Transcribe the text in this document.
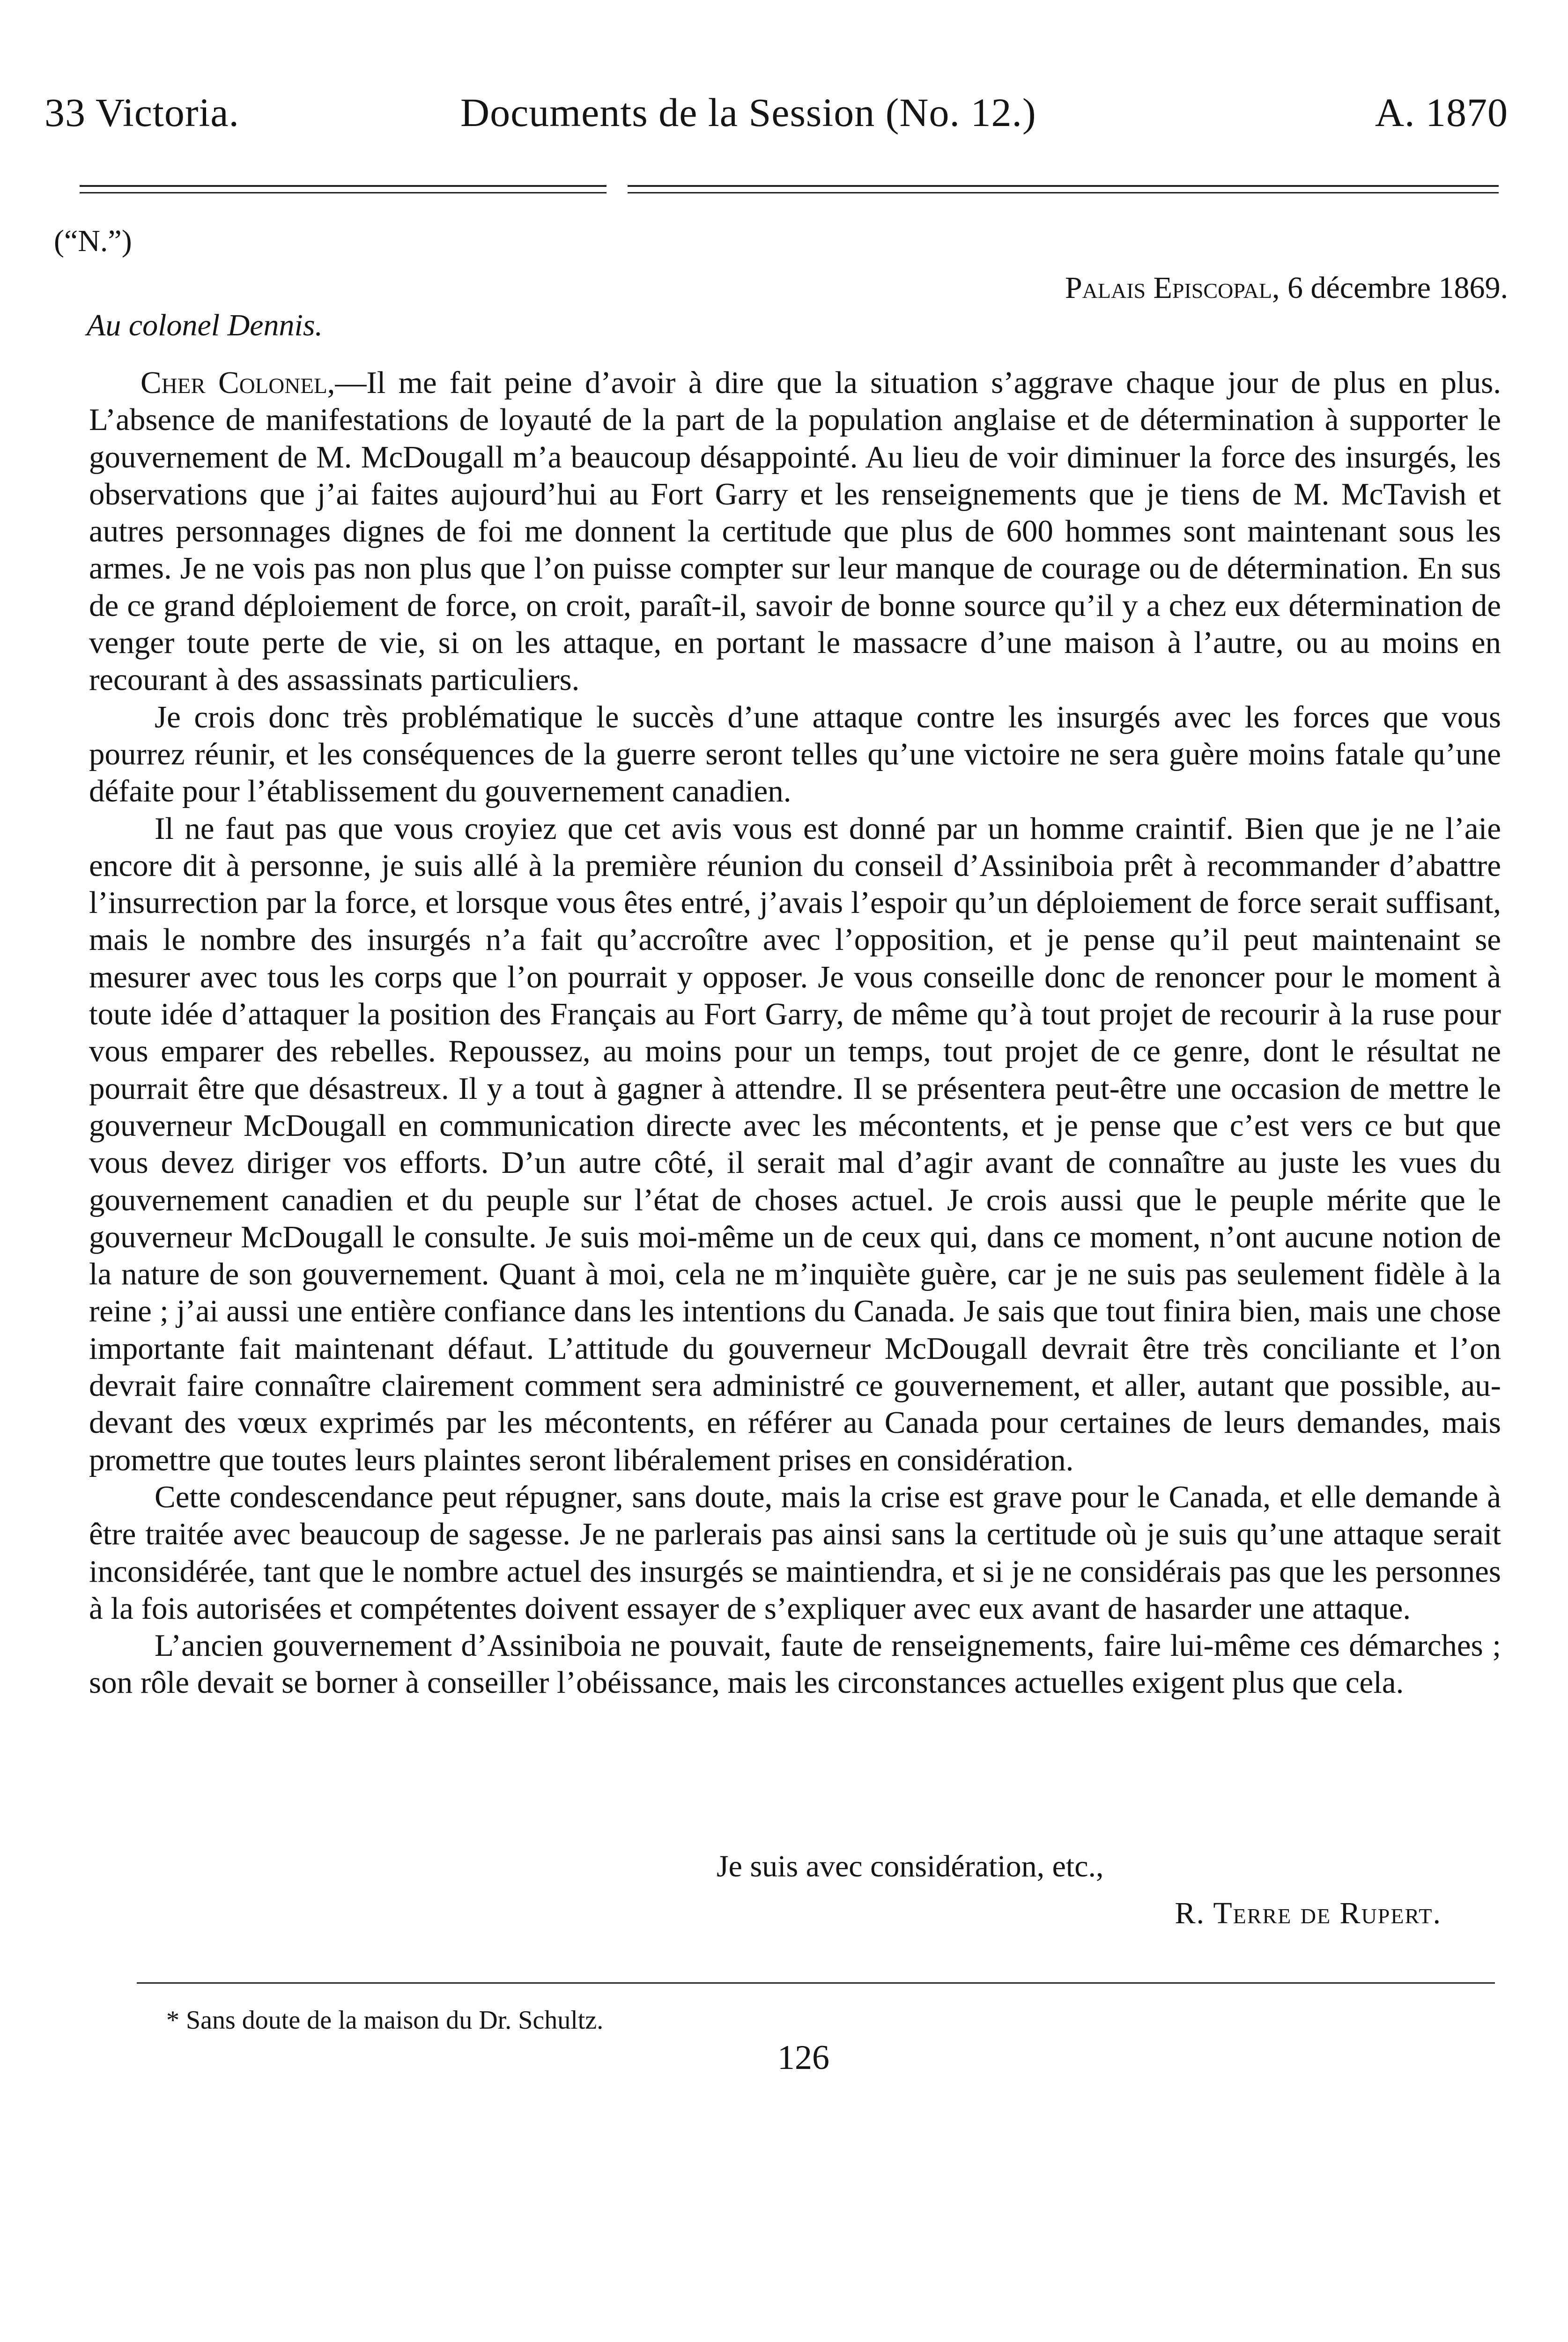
33 Victoria.	Documents de la Session (No. 12.)	A. 1870
(“N.”)
Palais Episcopal, 6 décembre 1869.
Au colonel Dennis.

Cher Colonel,—Il me fait peine d’avoir à dire que la situation s’aggrave chaque jour de plus en plus. L’absence de manifestations de loyauté de la part de la population anglaise et de détermination à supporter le gouvernement de M. McDougall m’a beaucoup désappointé. Au lieu de voir diminuer la force des insurgés, les observations que j’ai faites aujourd’hui au Fort Garry et les renseignements que je tiens de M. McTavish et autres personnages dignes de foi me donnent la certitude que plus de 600 hommes sont maintenant sous les armes. Je ne vois pas non plus que l’on puisse compter sur leur manque de courage ou de détermination. En sus de ce grand déploiement de force, on croit, paraît-il, savoir de bonne source qu’il y a chez eux détermination de venger toute perte de vie, si on les attaque, en portant le massacre d’une maison à l’autre, ou au moins en recourant à des assassinats particuliers.

Je crois donc très problématique le succès d’une attaque contre les insurgés avec les forces que vous pourrez réunir, et les conséquences de la guerre seront telles qu’une victoire ne sera guère moins fatale qu’une défaite pour l’établissement du gouvernement canadien.

Il ne faut pas que vous croyiez que cet avis vous est donné par un homme craintif. Bien que je ne l’aie encore dit à personne, je suis allé à la première réunion du conseil d’Assiniboia prêt à recommander d’abattre l’insurrection par la force, et lorsque vous êtes entré, j’avais l’espoir qu’un déploiement de force serait suffisant, mais le nombre des insurgés n’a fait qu’accroître avec l’opposition, et je pense qu’il peut maintenaint se mesurer avec tous les corps que l’on pourrait y opposer. Je vous conseille donc de renoncer pour le moment à toute idée d’attaquer la position des Français au Fort Garry, de même qu’à tout projet de recourir à la ruse pour vous emparer des rebelles. Repoussez, au moins pour un temps, tout projet de ce genre, dont le résultat ne pourrait être que désastreux. Il y a tout à gagner à attendre. Il se présentera peut-être une occasion de mettre le gouverneur McDougall en communication directe avec les mécontents, et je pense que c’est vers ce but que vous devez diriger vos efforts. D’un autre côté, il serait mal d’agir avant de connaître au juste les vues du gouvernement canadien et du peuple sur l’état de choses actuel. Je crois aussi que le peuple mérite que le gouverneur McDougall le consulte. Je suis moi-même un de ceux qui, dans ce moment, n’ont aucune notion de la nature de son gouvernement. Quant à moi, cela ne m’inquiète guère, car je ne suis pas seulement fidèle à la reine ; j’ai aussi une entière confiance dans les intentions du Canada. Je sais que tout finira bien, mais une chose importante fait maintenant défaut. L’attitude du gouverneur McDougall devrait être très conciliante et l’on devrait faire connaître clairement comment sera administré ce gouvernement, et aller, autant que possible, au-devant des vœux exprimés par les mécontents, en référer au Canada pour certaines de leurs demandes, mais promettre que toutes leurs plaintes seront libéralement prises en considération.

Cette condescendance peut répugner, sans doute, mais la crise est grave pour le Canada, et elle demande à être traitée avec beaucoup de sagesse. Je ne parlerais pas ainsi sans la certitude où je suis qu’une attaque serait inconsidérée, tant que le nombre actuel des insurgés se maintiendra, et si je ne considérais pas que les personnes à la fois autorisées et compétentes doivent essayer de s’expliquer avec eux avant de hasarder une attaque.

L’ancien gouvernement d’Assiniboia ne pouvait, faute de renseignements, faire lui-même ces démarches ; son rôle devait se borner à conseiller l’obéissance, mais les circonstances actuelles exigent plus que cela.

Je suis avec considération, etc.,
R. Terre de Rupert.
* Sans doute de la maison du Dr. Schultz.
126
